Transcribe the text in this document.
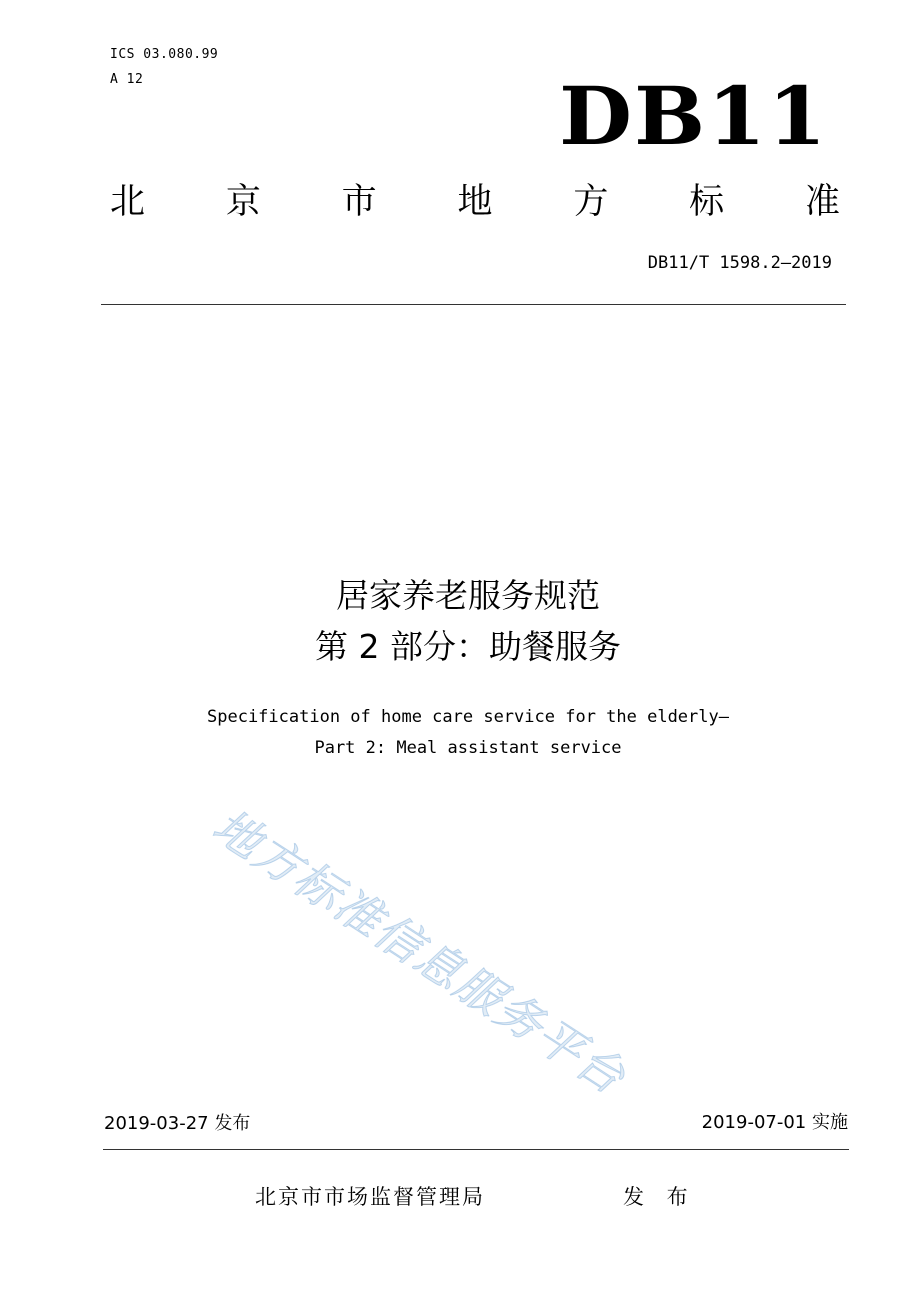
ICS 03.080.99
A 12	DB11
北 京 市 地 方 标 准
DB11/T 1598.2—2019
居家养老服务规范
第 2 部分：助餐服务
Specification of home care service for the elderly—
Part 2: Meal assistant service
地方标准信息服务平台
2019-03-27 发布	2019-07-01 实施
北京市市场监督管理局	发 布
